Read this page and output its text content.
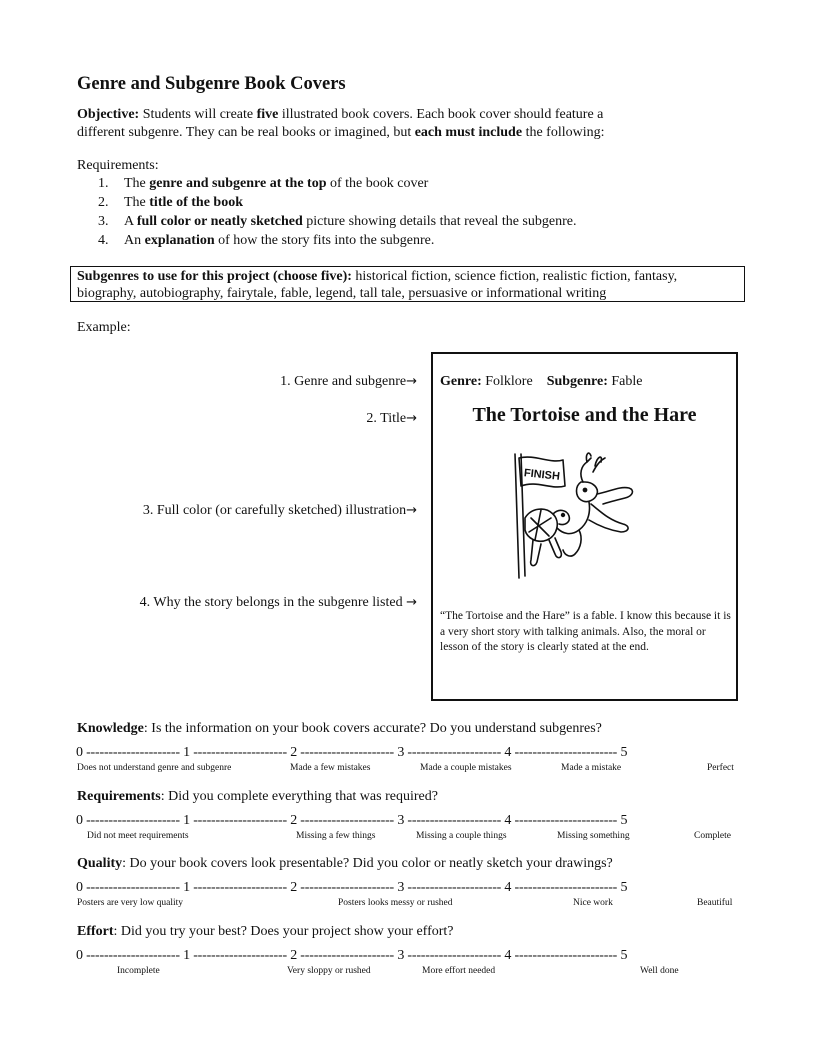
Genre and Subgenre Book Covers
Objective: Students will create five illustrated book covers. Each book cover should feature a
different subgenre. They can be real books or imagined, but each must include the following:
Requirements:
1. The genre and subgenre at the top of the book cover
2. The title of the book
3. A full color or neatly sketched picture showing details that reveal the subgenre.
4. An explanation of how the story fits into the subgenre.
Subgenres to use for this project (choose five): historical fiction, science fiction, realistic fiction, fantasy, biography, autobiography, fairytale, fable, legend, tall tale, persuasive or informational writing
Example:
1. Genre and subgenre→
2. Title→
3. Full color (or carefully sketched) illustration→
4. Why the story belongs in the subgenre listed →
Genre: Folklore Subgenre: Fable
The Tortoise and the Hare
FINISH
“The Tortoise and the Hare” is a fable. I know this because it is a very short story with talking animals. Also, the moral or lesson of the story is clearly stated at the end.
Knowledge: Is the information on your book covers accurate? Do you understand subgenres?
0 --------------------- 1 --------------------- 2 --------------------- 3 --------------------- 4 ----------------------- 5
Does not understand genre and subgenre	Made a few mistakes	Made a couple mistakes	Made a mistake	Perfect
Requirements: Did you complete everything that was required?
0 --------------------- 1 --------------------- 2 --------------------- 3 --------------------- 4 ----------------------- 5
Did not meet requirements	Missing a few things	Missing a couple things	Missing something	Complete
Quality: Do your book covers look presentable? Did you color or neatly sketch your drawings?
0 --------------------- 1 --------------------- 2 --------------------- 3 --------------------- 4 ----------------------- 5
Posters are very low quality	Posters looks messy or rushed	Nice work	Beautiful
Effort: Did you try your best? Does your project show your effort?
0 --------------------- 1 --------------------- 2 --------------------- 3 --------------------- 4 ----------------------- 5
Incomplete	Very sloppy or rushed	More effort needed	Well done
